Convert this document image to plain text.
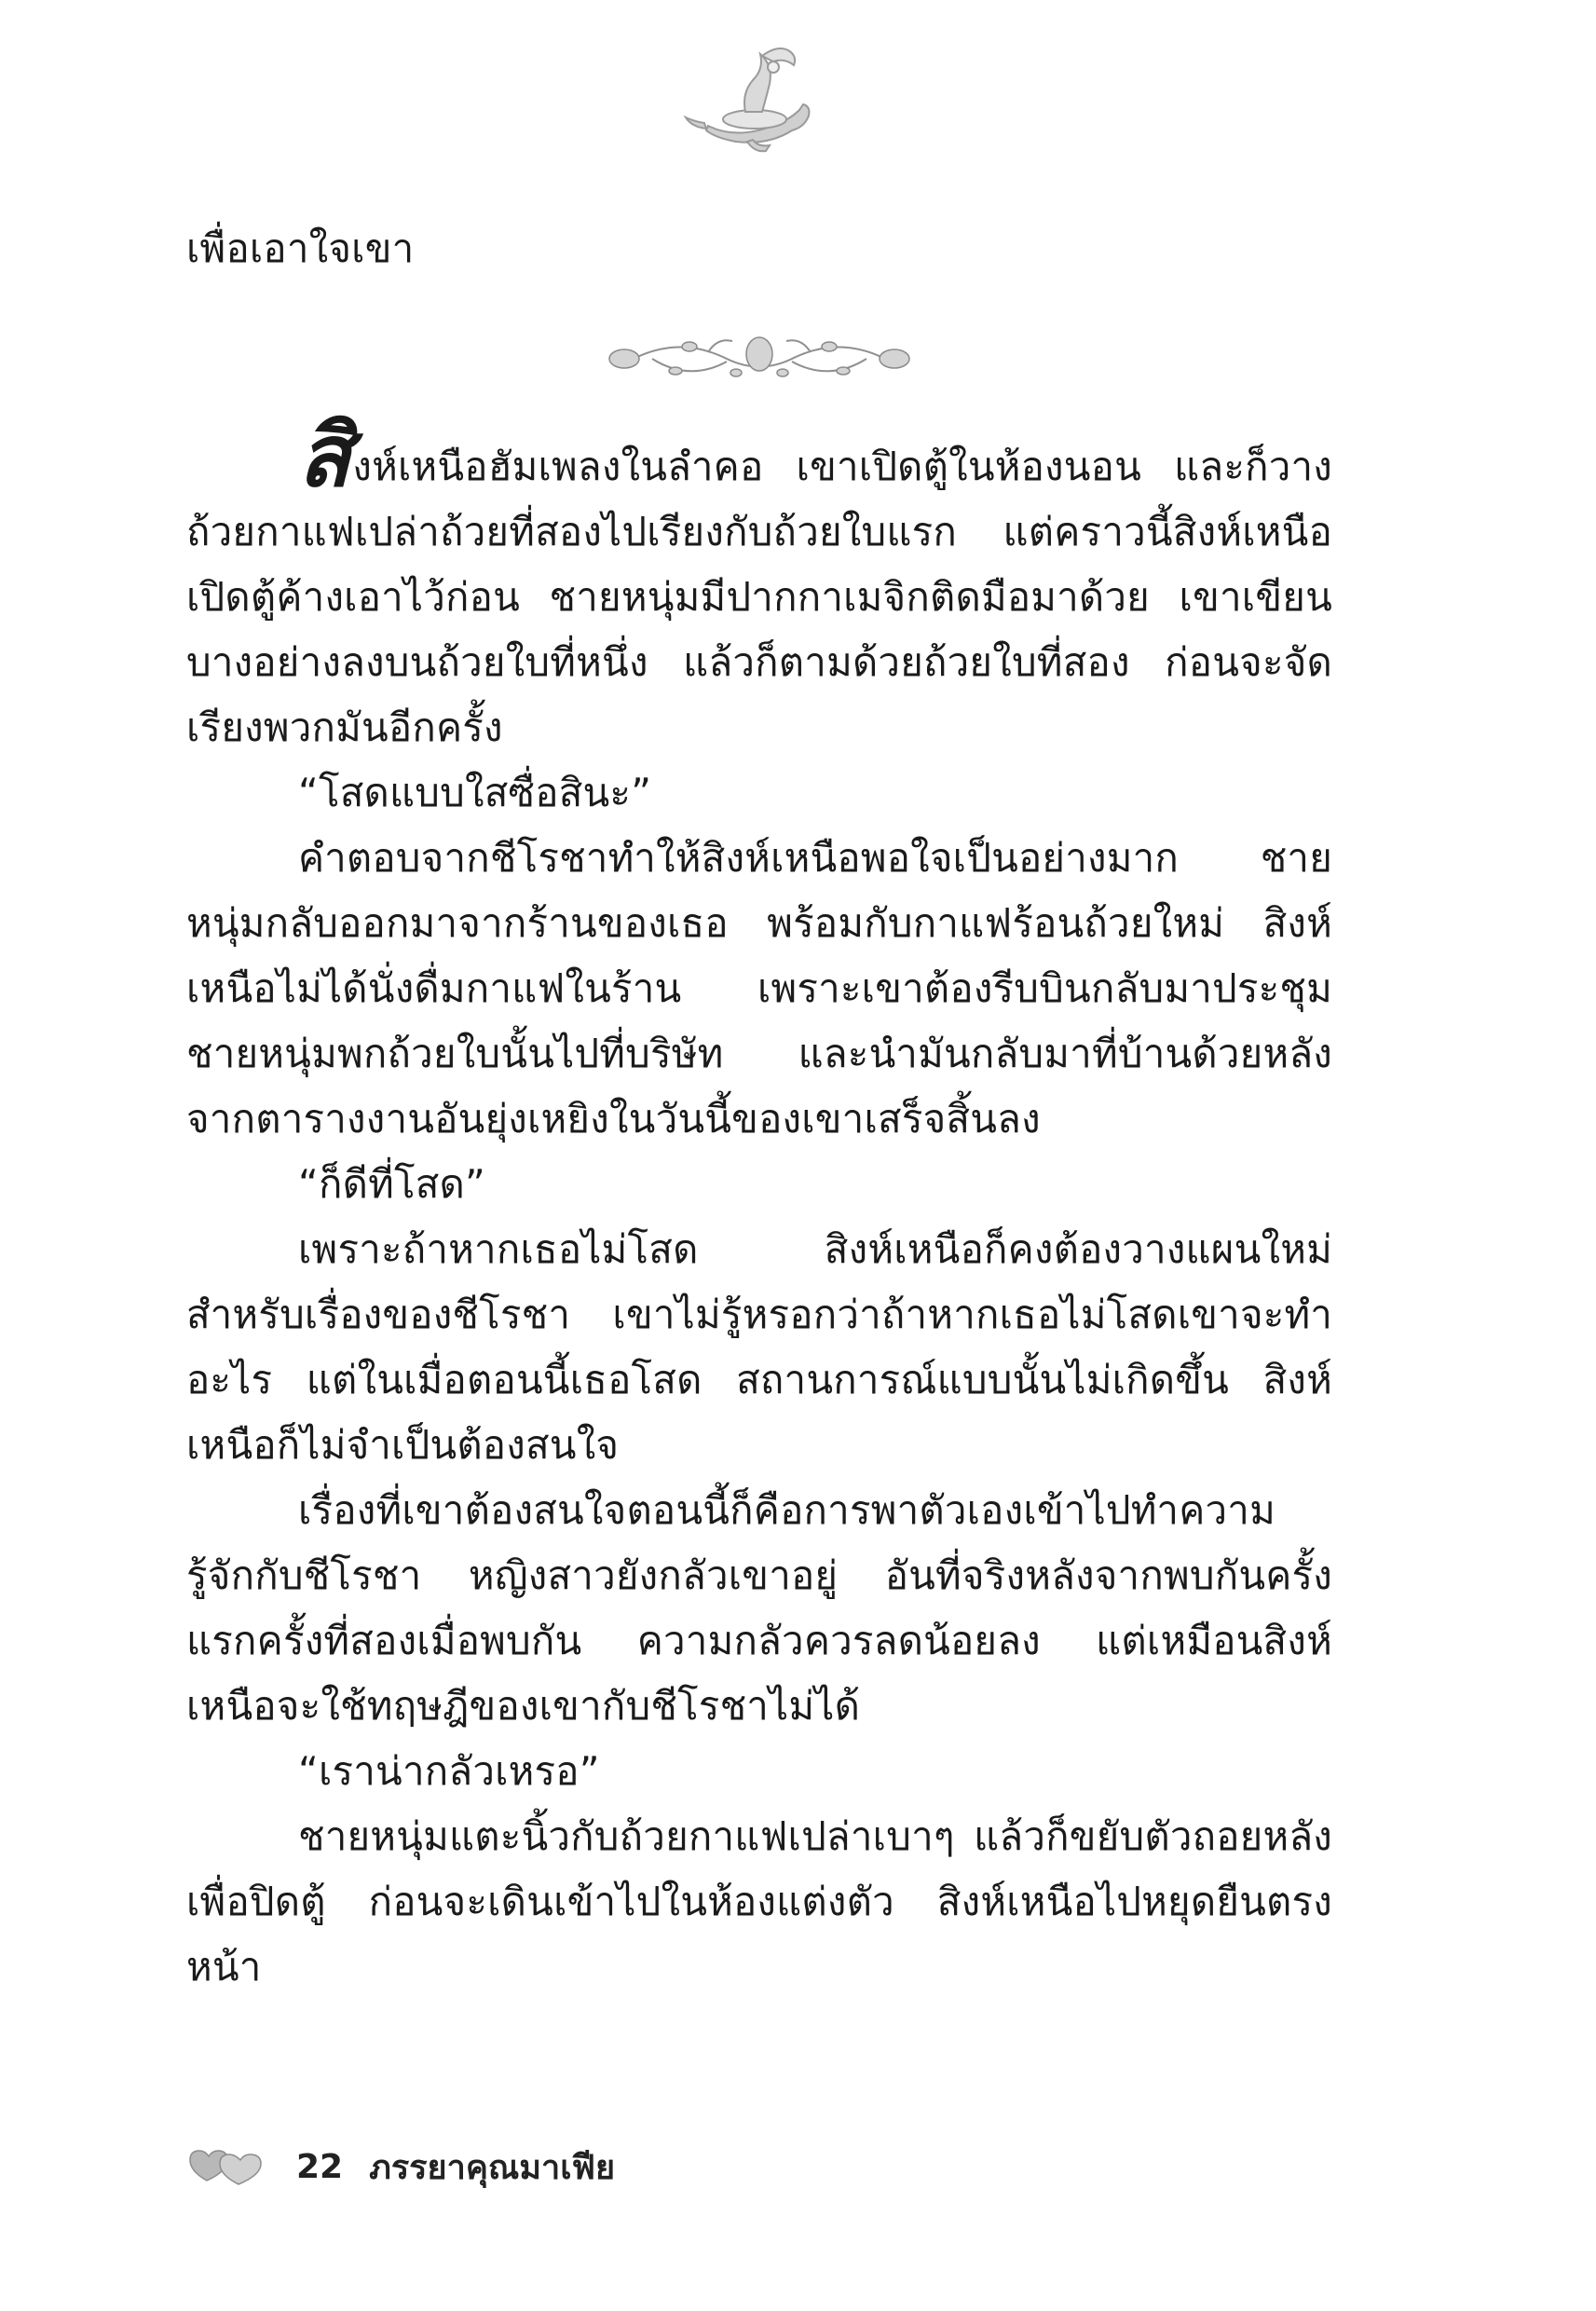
เพื่อเอาใจเขา

สิงห์เหนือฮัมเพลงในลำคอ เขาเปิดตู้ในห้องนอน และก็วางถ้วยกาแฟเปล่าถ้วยที่สองไปเรียงกับถ้วยใบแรก แต่คราวนี้สิงห์เหนือเปิดตู้ค้างเอาไว้ก่อน ชายหนุ่มมีปากกาเมจิกติดมือมาด้วย เขาเขียนบางอย่างลงบนถ้วยใบที่หนึ่ง แล้วก็ตามด้วยถ้วยใบที่สอง ก่อนจะจัดเรียงพวกมันอีกครั้ง

“โสดแบบใสซื่อสินะ”

คำตอบจากชีโรชาทำให้สิงห์เหนือพอใจเป็นอย่างมาก ชายหนุ่มกลับออกมาจากร้านของเธอ พร้อมกับกาแฟร้อนถ้วยใหม่ สิงห์เหนือไม่ได้นั่งดื่มกาแฟในร้าน เพราะเขาต้องรีบบินกลับมาประชุม ชายหนุ่มพกถ้วยใบนั้นไปที่บริษัท และนำมันกลับมาที่บ้านด้วยหลังจากตารางงานอันยุ่งเหยิงในวันนี้ของเขาเสร็จสิ้นลง

“ก็ดีที่โสด”

เพราะถ้าหากเธอไม่โสด สิงห์เหนือก็คงต้องวางแผนใหม่สำหรับเรื่องของชีโรชา เขาไม่รู้หรอกว่าถ้าหากเธอไม่โสดเขาจะทำอะไร แต่ในเมื่อตอนนี้เธอโสด สถานการณ์แบบนั้นไม่เกิดขึ้น สิงห์เหนือก็ไม่จำเป็นต้องสนใจ

เรื่องที่เขาต้องสนใจตอนนี้ก็คือการพาตัวเองเข้าไปทำความรู้จักกับชีโรชา หญิงสาวยังกลัวเขาอยู่ อันที่จริงหลังจากพบกันครั้งแรกครั้งที่สองเมื่อพบกัน ความกลัวควรลดน้อยลง แต่เหมือนสิงห์เหนือจะใช้ทฤษฎีของเขากับชีโรชาไม่ได้

“เราน่ากลัวเหรอ”

ชายหนุ่มแตะนิ้วกับถ้วยกาแฟเปล่าเบาๆ แล้วก็ขยับตัวถอยหลังเพื่อปิดตู้ ก่อนจะเดินเข้าไปในห้องแต่งตัว สิงห์เหนือไปหยุดยืนตรงหน้า

22 ภรรยาคุณมาเฟีย
